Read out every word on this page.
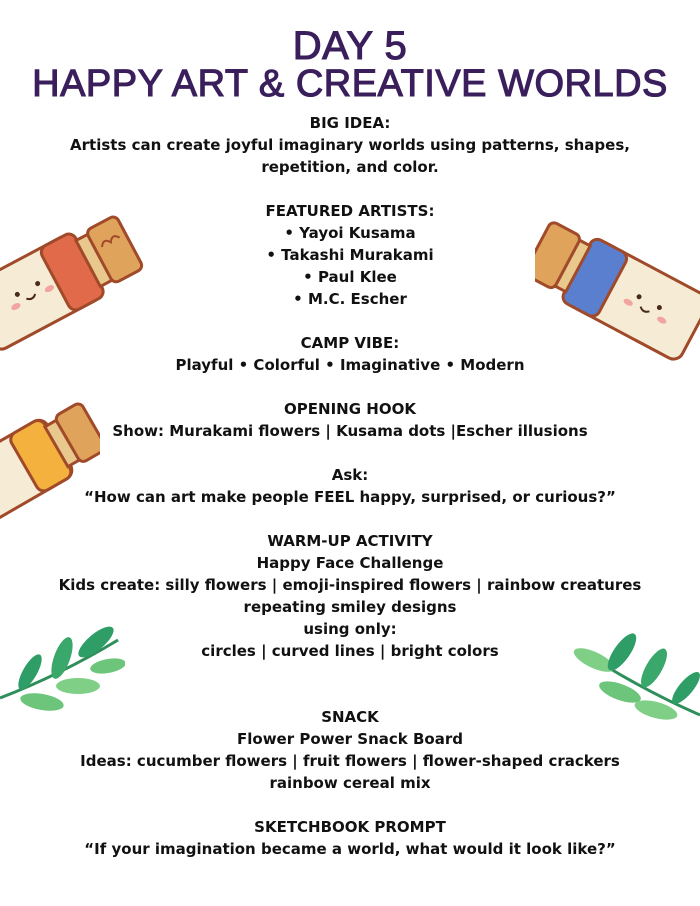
DAY 5
HAPPY ART & CREATIVE WORLDS
BIG IDEA:
Artists can create joyful imaginary worlds using patterns, shapes, repetition, and color.
FEATURED ARTISTS:
• Yayoi Kusama
• Takashi Murakami
• Paul Klee
• M.C. Escher
CAMP VIBE:
Playful • Colorful • Imaginative • Modern
OPENING HOOK
Show: Murakami flowers | Kusama dots |Escher illusions
Ask:
“How can art make people FEEL happy, surprised, or curious?”
WARM-UP ACTIVITY
Happy Face Challenge
Kids create: silly flowers | emoji-inspired flowers | rainbow creatures
repeating smiley designs
using only:
circles | curved lines | bright colors
SNACK
Flower Power Snack Board
Ideas: cucumber flowers | fruit flowers | flower-shaped crackers
rainbow cereal mix
SKETCHBOOK PROMPT
“If your imagination became a world, what would it look like?”
